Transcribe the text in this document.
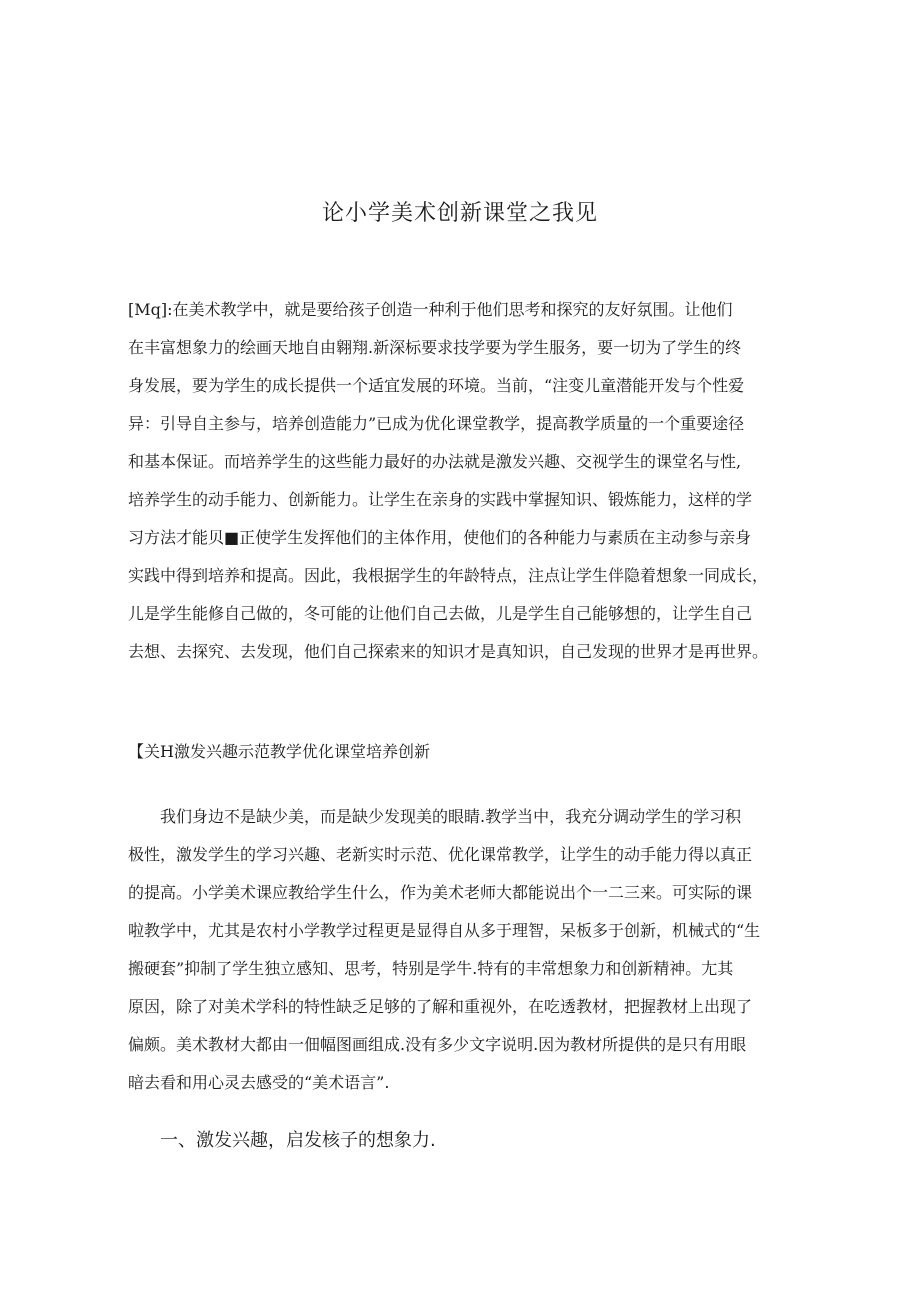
论小学美术创新课堂之我见
[Mq]:在美术教学中，就是要给孩子创造一种利于他们思考和探究的友好氛围。让他们
在丰富想象力的绘画天地自由翱翔.新深标要求技学要为学生服务，要一切为了学生的终
身发展，要为学生的成长提供一个适宜发展的环境。当前，“注变儿童潜能开发与个性爱
异：引导自主参与，培养创造能力”已成为优化课堂教学，提高教学质量的一个重要途径
和基本保证。而培养学生的这些能力最好的办法就是激发兴趣、交视学生的课堂名与性,
培养学生的动手能力、创新能力。让学生在亲身的实践中掌握知识、锻炼能力，这样的学
习方法才能贝■正使学生发挥他们的主体作用，使他们的各种能力与素质在主动参与亲身
实践中得到培养和提高。因此，我根据学生的年龄特点，注点让学生伴隐着想象一同成长，
儿是学生能修自己做的，冬可能的让他们自己去做，儿是学生自己能够想的，让学生自己
去想、去探究、去发现，他们自己探索来的知识才是真知识，自己发现的世界才是再世界。
【关H激发兴趣示范教学优化课堂培养创新
我们身边不是缺少美，而是缺少发现美的眼睛.教学当中，我充分调动学生的学习积
极性，激发学生的学习兴趣、老新实时示范、优化课常教学，让学生的动手能力得以真正
的提高。小学美术课应教给学生什么，作为美术老师大都能说出个一二三来。可实际的课
啦教学中，尤其是农村小学教学过程更是显得自从多于理智，呆板多于创新，机械式的“生
搬硬套”抑制了学生独立感知、思考，特别是学牛.特有的丰常想象力和创新精神。尢其
原因，除了对美术学科的特性缺乏足够的了解和重视外，在吃透教材，把握教材上出现了
偏颇。美术教材大都由一佃幅图画组成.没有多少文字说明.因为教材所提供的是只有用眼
暗去看和用心灵去感受的“美术语言”.
一、激发兴趣，启发核子的想象力.
